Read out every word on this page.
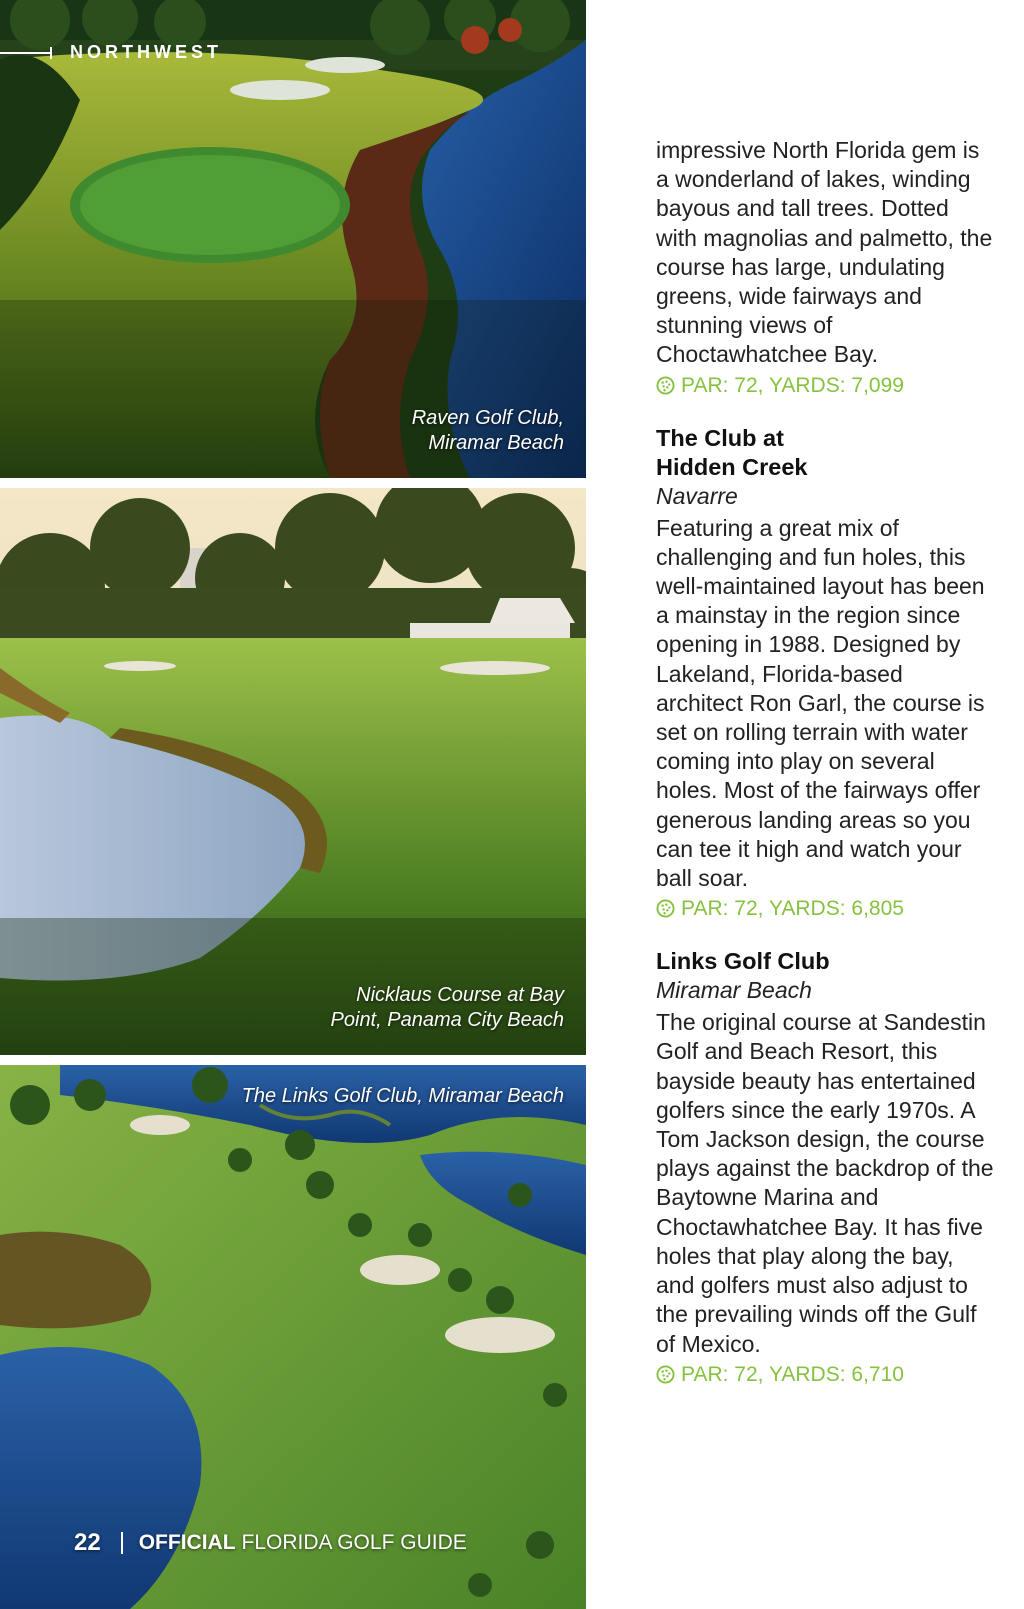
NORTHWEST
Raven Golf Club,
Miramar Beach
Nicklaus Course at Bay
Point, Panama City Beach
The Links Golf Club, Miramar Beach
22 OFFICIAL FLORIDA GOLF GUIDE

impressive North Florida gem is a wonderland of lakes, winding bayous and tall trees. Dotted with magnolias and palmetto, the course has large, undulating greens, wide fairways and stunning views of Choctawhatchee Bay.

PAR: 72, YARDS: 7,099

The Club at
Hidden Creek

Navarre

Featuring a great mix of challenging and fun holes, this well-maintained layout has been a mainstay in the region since opening in 1988. Designed by Lakeland, Florida-based architect Ron Garl, the course is set on rolling terrain with water coming into play on several holes. Most of the fairways offer generous landing areas so you can tee it high and watch your ball soar.

PAR: 72, YARDS: 6,805

Links Golf Club

Miramar Beach

The original course at Sandestin Golf and Beach Resort, this bayside beauty has entertained golfers since the early 1970s. A Tom Jackson design, the course plays against the backdrop of the Baytowne Marina and Choctawhatchee Bay. It has five holes that play along the bay, and golfers must also adjust to the prevailing winds off the Gulf of Mexico.

PAR: 72, YARDS: 6,710
